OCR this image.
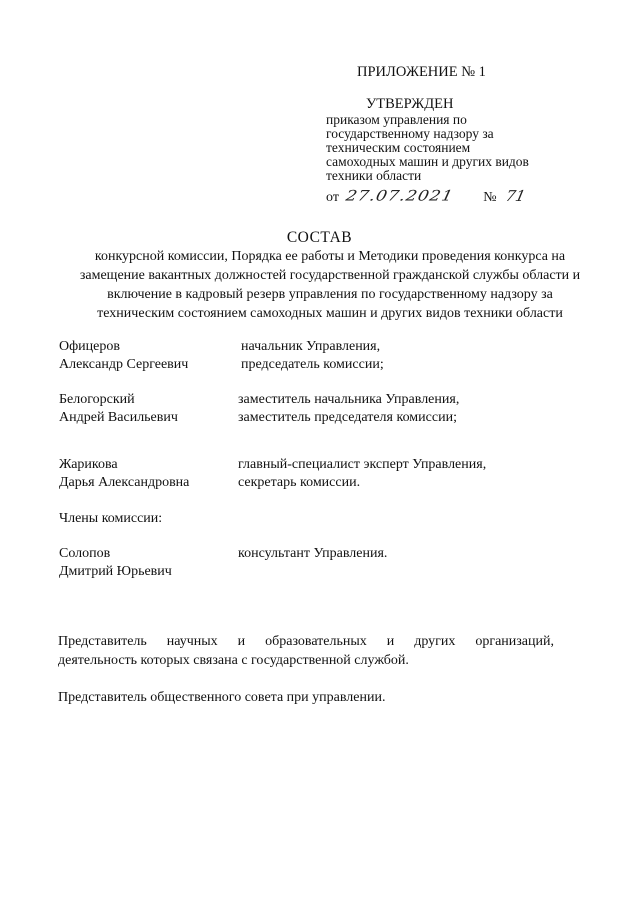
ПРИЛОЖЕНИЕ № 1
УТВЕРЖДЕН
приказом управления по
государственному надзору за
техническим состоянием
самоходных машин и других видов
техники области
от 27.07.2021 № 71
СОСТАВ
конкурсной комиссии, Порядка ее работы и Методики проведения конкурса на
замещение вакантных должностей государственной гражданской службы области и
включение в кадровый резерв управления по государственному надзору за
техническим состоянием самоходных машин и других видов техники области
Офицеров
Александр Сергеевич
начальник Управления,
председатель комиссии;
Белогорский
Андрей Васильевич
заместитель начальника Управления,
заместитель председателя комиссии;
Жарикова
Дарья Александровна
главный-специалист эксперт Управления,
секретарь комиссии.
Члены комиссии:
Солопов
Дмитрий Юрьевич
консультант Управления.
Представитель научных и образовательных и других организаций,
деятельность которых связана с государственной службой.
Представитель общественного совета при управлении.
